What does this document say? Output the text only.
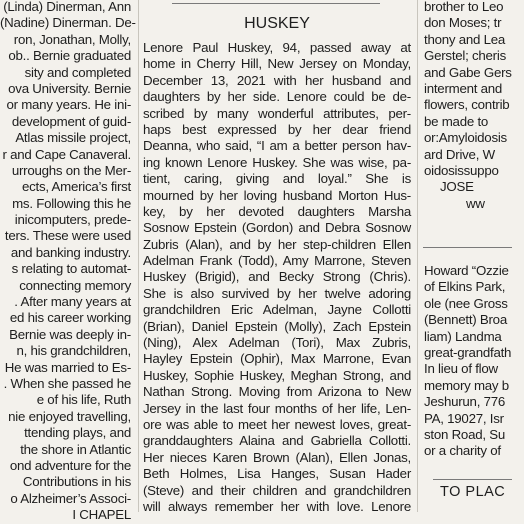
(Linda) Dinerman, Ann
(Nadine) Dinerman. De-
ron, Jonathan, Molly,
ob.. Bernie graduated
sity and completed
ova University. Bernie
or many years. He ini-
development of guid-
Atlas missile project,
r and Cape Canaveral.
urroughs on the Mer-
ects, America’s first
ms. Following this he
inicomputers, prede-
ters. These were used
and banking industry.
s relating to automat-
connecting memory
. After many years at
ed his career working
Bernie was deeply in-
n, his grandchildren,
He was married to Es-
. When she passed he
e of his life, Ruth
nie enjoyed travelling,
ttending plays, and
the shore in Atlantic
ond adventure for the
Contributions in his
o Alzheimer’s Associ-
I CHAPEL
HUSKEY
Lenore Paul Huskey, 94, passed away at
home in Cherry Hill, New Jersey on Monday,
December 13, 2021 with her husband and
daughters by her side. Lenore could be de-
scribed by many wonderful attributes, per-
haps best expressed by her dear friend
Deanna, who said, “I am a better person hav-
ing known Lenore Huskey. She was wise, pa-
tient, caring, giving and loyal.” She is
mourned by her loving husband Morton Hus-
key, by her devoted daughters Marsha
Sosnow Epstein (Gordon) and Debra Sosnow
Zubris (Alan), and by her step-children Ellen
Adelman Frank (Todd), Amy Marrone, Steven
Huskey (Brigid), and Becky Strong (Chris).
She is also survived by her twelve adoring
grandchildren Eric Adelman, Jayne Collotti
(Brian), Daniel Epstein (Molly), Zach Epstein
(Ning), Alex Adelman (Tori), Max Zubris,
Hayley Epstein (Ophir), Max Marrone, Evan
Huskey, Sophie Huskey, Meghan Strong, and
Nathan Strong. Moving from Arizona to New
Jersey in the last four months of her life, Len-
ore was able to meet her newest loves, great-
granddaughters Alaina and Gabriella Collotti.
Her nieces Karen Brown (Alan), Ellen Jonas,
Beth Holmes, Lisa Hanges, Susan Hader
(Steve) and their children and grandchildren
will always remember her with love. Lenore
brother to Leo
don Moses; tr
thony and Lea
Gerstel; cheris
and Gabe Gers
interment and
flowers, contrib
be made to
or:Amyloidosis
ard Drive, W
oidosissuppo
JOSE
ww
Howard “Ozzie
of Elkins Park,
ole (nee Gross
(Bennett) Broa
liam) Landma
great-grandfath
In lieu of flow
memory may b
Jeshurun, 776
PA, 19027, Isr
ston Road, Su
or a charity of
TO PLAC
